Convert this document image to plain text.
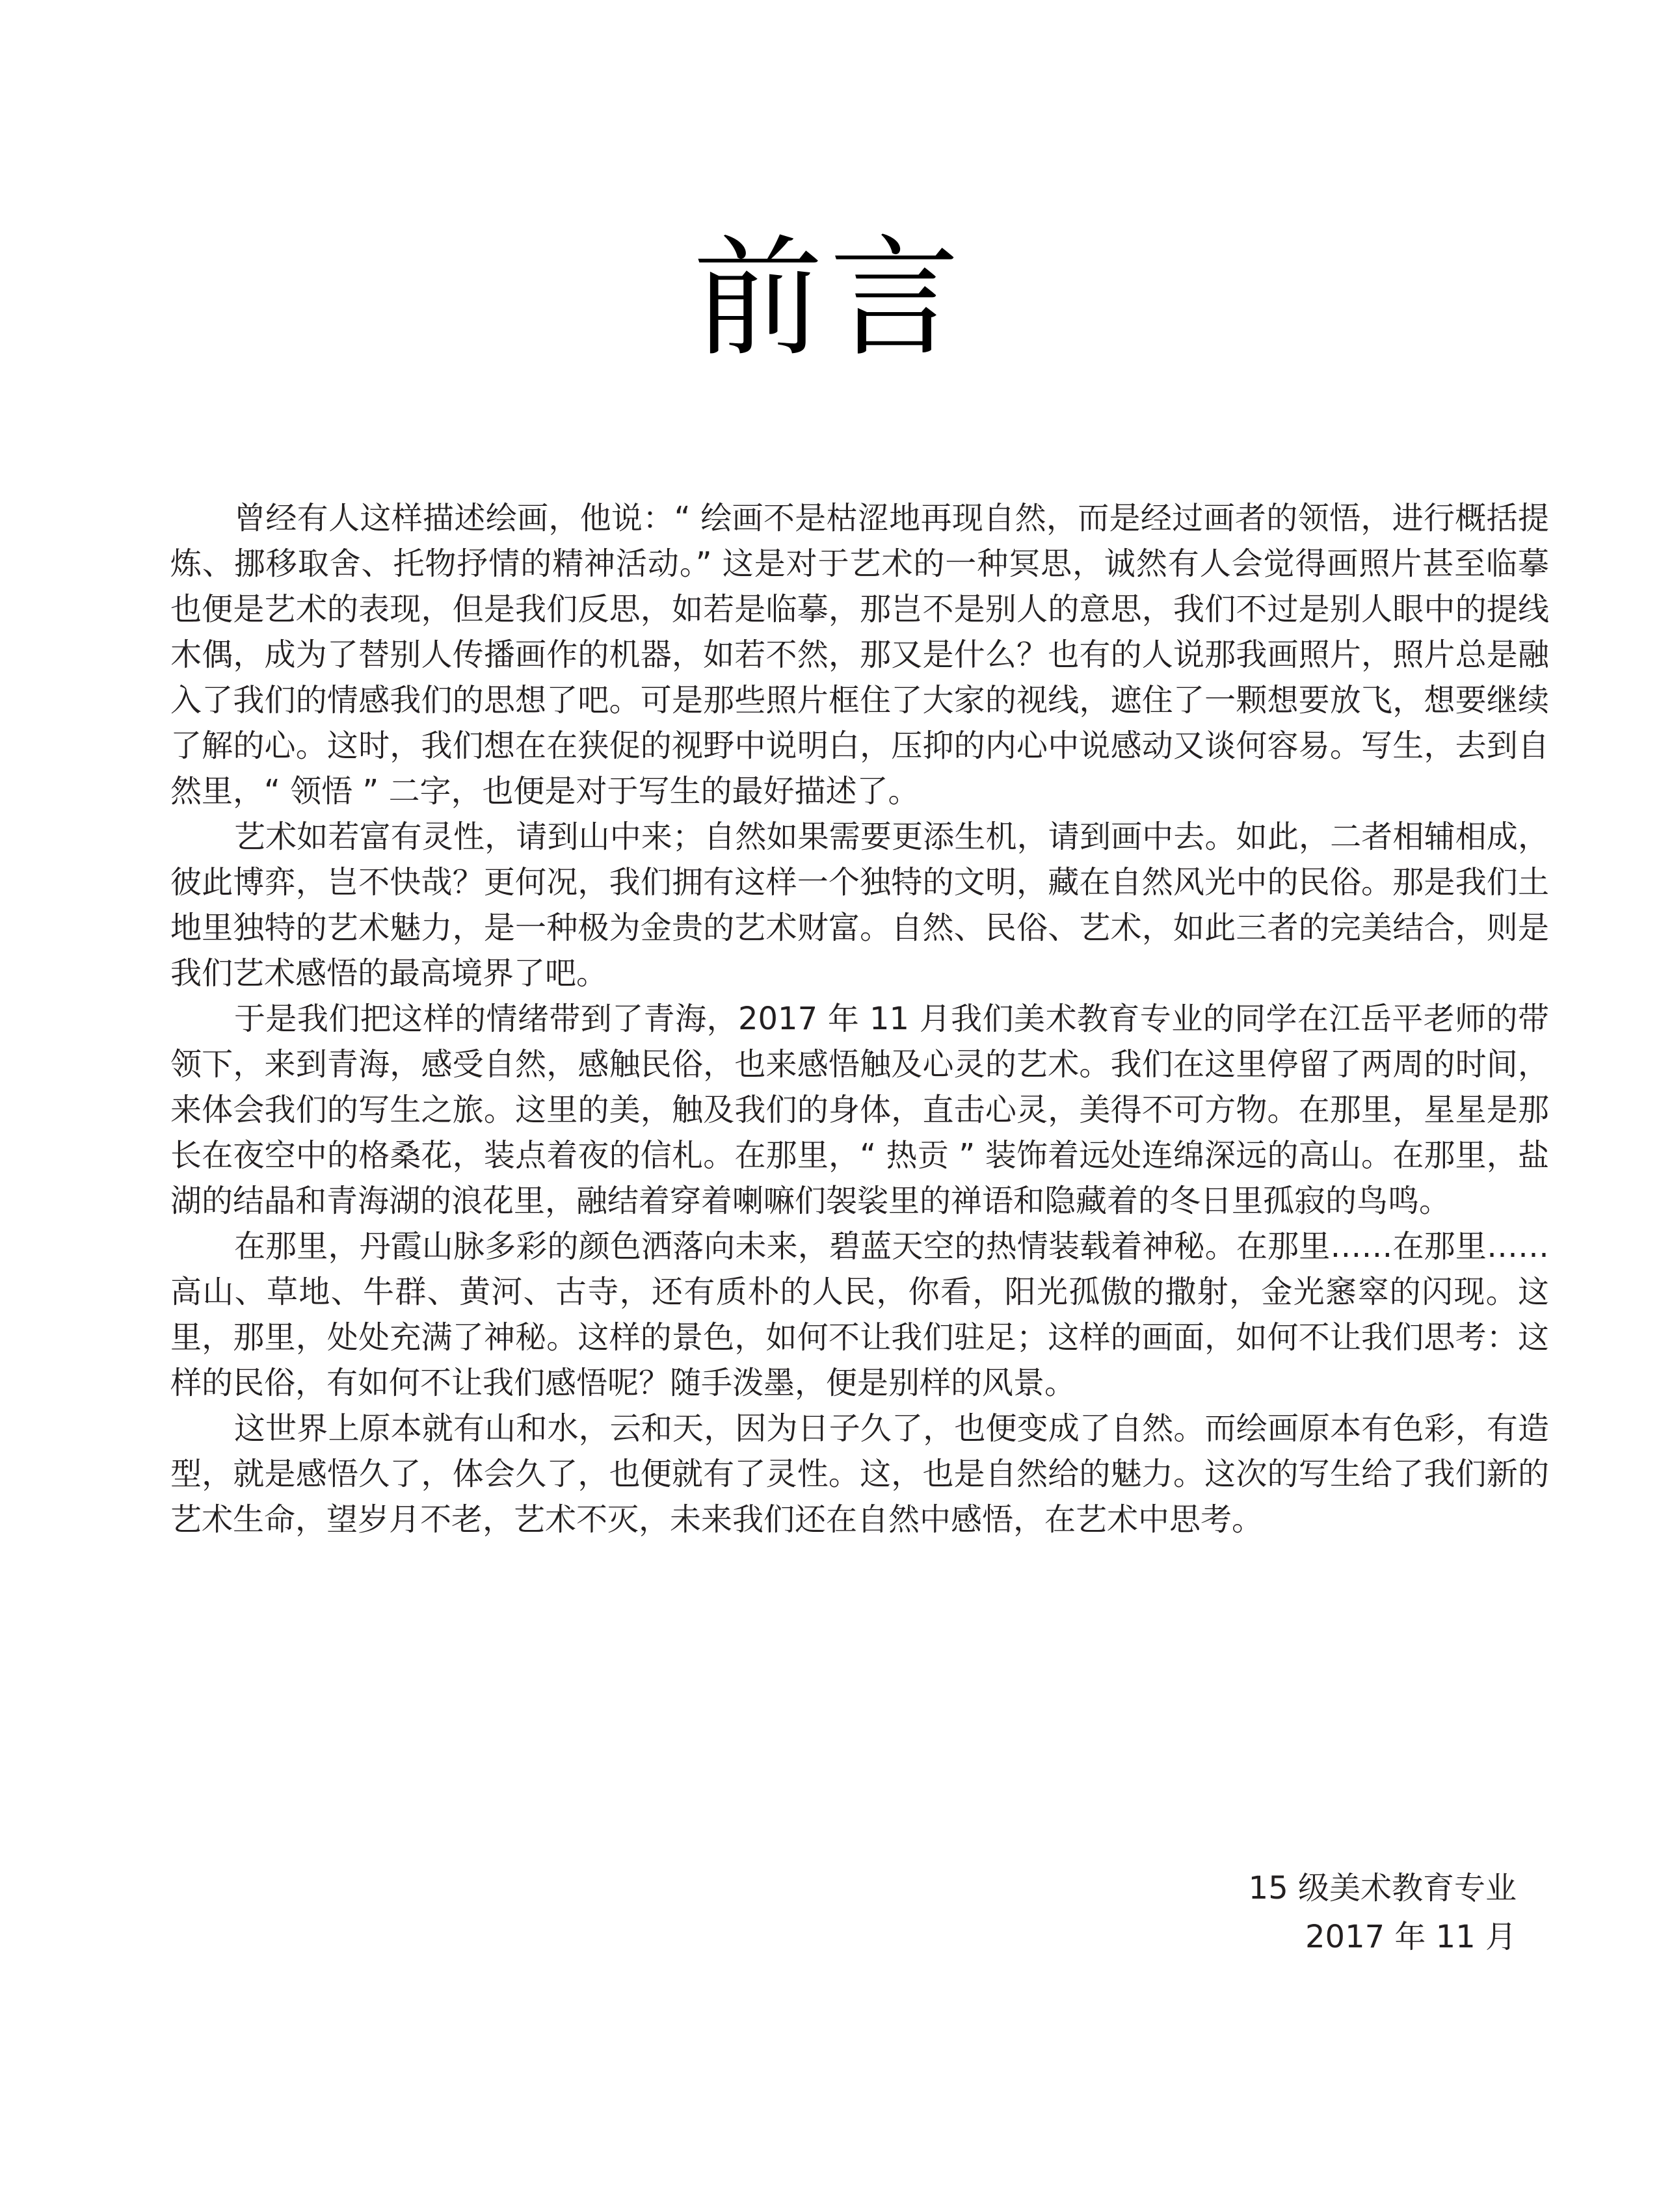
前言

曾经有人这样描述绘画，他说：“ 绘画不是枯涩地再现自然，而是经过画者的领悟，进行概括提炼、挪移取舍、托物抒情的精神活动。” 这是对于艺术的一种冥思，诚然有人会觉得画照片甚至临摹也便是艺术的表现，但是我们反思，如若是临摹，那岂不是别人的意思，我们不过是别人眼中的提线木偶，成为了替别人传播画作的机器，如若不然，那又是什么？也有的人说那我画照片，照片总是融入了我们的情感我们的思想了吧。可是那些照片框住了大家的视线，遮住了一颗想要放飞，想要继续了解的心。这时，我们想在在狭促的视野中说明白，压抑的内心中说感动又谈何容易。写生，去到自然里，“ 领悟 ” 二字，也便是对于写生的最好描述了。

艺术如若富有灵性，请到山中来；自然如果需要更添生机，请到画中去。如此，二者相辅相成，彼此博弈，岂不快哉？更何况，我们拥有这样一个独特的文明，藏在自然风光中的民俗。那是我们土地里独特的艺术魅力，是一种极为金贵的艺术财富。自然、民俗、艺术，如此三者的完美结合，则是我们艺术感悟的最高境界了吧。

于是我们把这样的情绪带到了青海，2017 年 11 月我们美术教育专业的同学在江岳平老师的带领下，来到青海，感受自然，感触民俗，也来感悟触及心灵的艺术。我们在这里停留了两周的时间，来体会我们的写生之旅。这里的美，触及我们的身体，直击心灵，美得不可方物。在那里，星星是那长在夜空中的格桑花，装点着夜的信札。在那里，“ 热贡 ” 装饰着远处连绵深远的高山。在那里，盐湖的结晶和青海湖的浪花里，融结着穿着喇嘛们袈裟里的禅语和隐藏着的冬日里孤寂的鸟鸣。

在那里，丹霞山脉多彩的颜色洒落向未来，碧蓝天空的热情装载着神秘。在那里……在那里……高山、草地、牛群、黄河、古寺，还有质朴的人民，你看，阳光孤傲的撒射，金光窸窣的闪现。这里，那里，处处充满了神秘。这样的景色，如何不让我们驻足；这样的画面，如何不让我们思考：这样的民俗，有如何不让我们感悟呢？随手泼墨，便是别样的风景。

这世界上原本就有山和水，云和天，因为日子久了，也便变成了自然。而绘画原本有色彩，有造型，就是感悟久了，体会久了，也便就有了灵性。这，也是自然给的魅力。这次的写生给了我们新的艺术生命，望岁月不老，艺术不灭，未来我们还在自然中感悟，在艺术中思考。

15 级美术教育专业
2017 年 11 月
